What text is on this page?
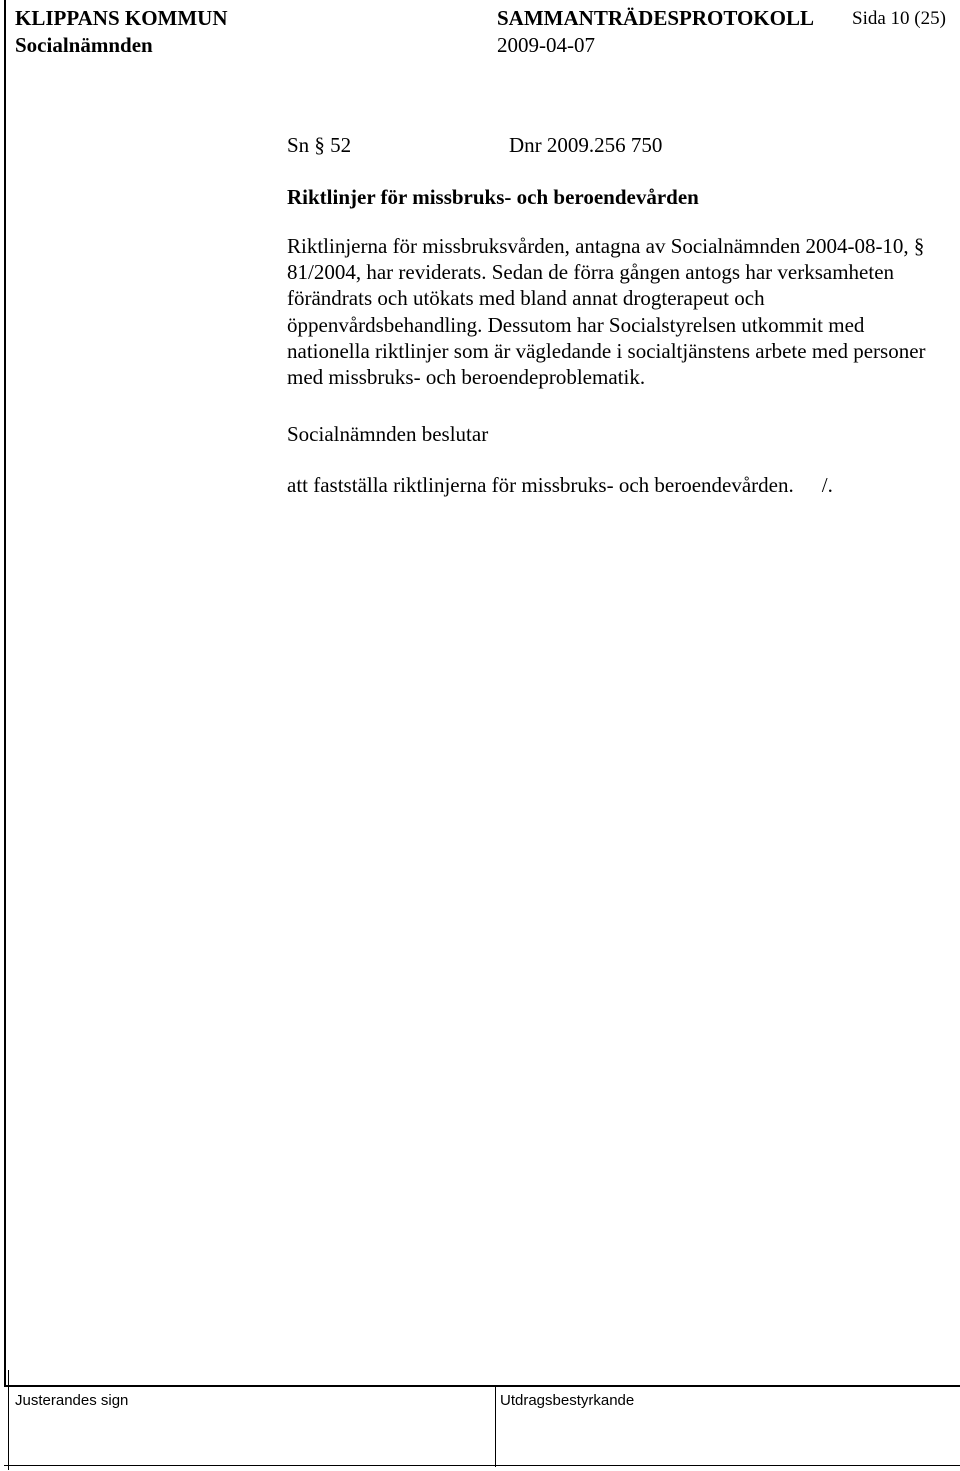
KLIPPANS KOMMUN
Socialnämnden
SAMMANTRÄDESPROTOKOLL Sida 10 (25)
2009-04-07
Sn § 52	Dnr 2009.256 750
Riktlinjer för missbruks- och beroendevården
Riktlinjerna för missbruksvården, antagna av Socialnämnden 2004-08-10, § 81/2004, har reviderats. Sedan de förra gången antogs har verksamheten förändrats och utökats med bland annat drogterapeut och öppenvårdsbehandling. Dessutom har Socialstyrelsen utkommit med nationella riktlinjer som är vägledande i socialtjänstens arbete med personer med missbruks- och beroendeproblematik.
Socialnämnden beslutar
att fastställa riktlinjerna för missbruks- och beroendevården. /.
Justerandes sign	Utdragsbestyrkande
